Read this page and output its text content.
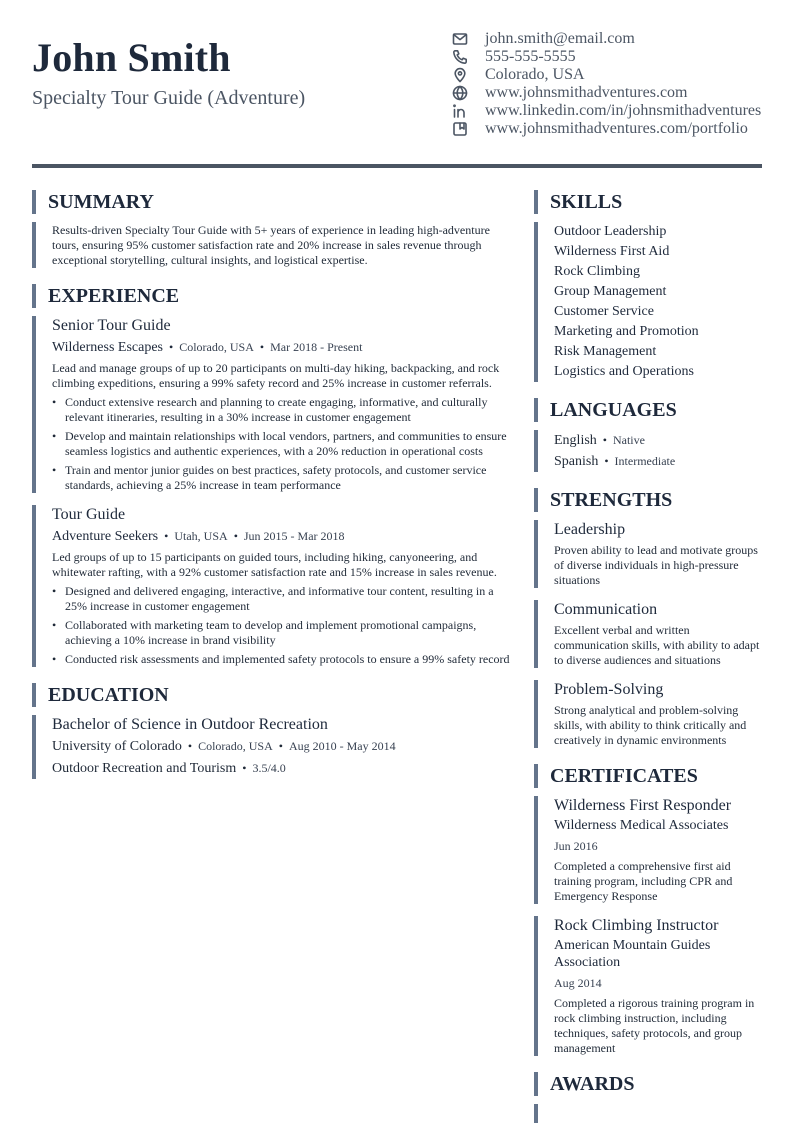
John Smith
Specialty Tour Guide (Adventure)
john.smith@email.com
555-555-5555
Colorado, USA
www.johnsmithadventures.com
www.linkedin.com/in/johnsmithadventures
www.johnsmithadventures.com/portfolio
SUMMARY
Results-driven Specialty Tour Guide with 5+ years of experience in leading high-adventure tours, ensuring 95% customer satisfaction rate and 20% increase in sales revenue through exceptional storytelling, cultural insights, and logistical expertise.
EXPERIENCE
Senior Tour Guide
Wilderness Escapes • Colorado, USA • Mar 2018 - Present
Lead and manage groups of up to 20 participants on multi-day hiking, backpacking, and rock climbing expeditions, ensuring a 99% safety record and 25% increase in customer referrals.
• Conduct extensive research and planning to create engaging, informative, and culturally relevant itineraries, resulting in a 30% increase in customer engagement
• Develop and maintain relationships with local vendors, partners, and communities to ensure seamless logistics and authentic experiences, with a 20% reduction in operational costs
• Train and mentor junior guides on best practices, safety protocols, and customer service standards, achieving a 25% increase in team performance
Tour Guide
Adventure Seekers • Utah, USA • Jun 2015 - Mar 2018
Led groups of up to 15 participants on guided tours, including hiking, canyoneering, and whitewater rafting, with a 92% customer satisfaction rate and 15% increase in sales revenue.
• Designed and delivered engaging, interactive, and informative tour content, resulting in a 25% increase in customer engagement
• Collaborated with marketing team to develop and implement promotional campaigns, achieving a 10% increase in brand visibility
• Conducted risk assessments and implemented safety protocols to ensure a 99% safety record
EDUCATION
Bachelor of Science in Outdoor Recreation
University of Colorado • Colorado, USA • Aug 2010 - May 2014
Outdoor Recreation and Tourism • 3.5/4.0
SKILLS
Outdoor Leadership
Wilderness First Aid
Rock Climbing
Group Management
Customer Service
Marketing and Promotion
Risk Management
Logistics and Operations
LANGUAGES
English • Native
Spanish • Intermediate
STRENGTHS
Leadership
Proven ability to lead and motivate groups of diverse individuals in high-pressure situations
Communication
Excellent verbal and written communication skills, with ability to adapt to diverse audiences and situations
Problem-Solving
Strong analytical and problem-solving skills, with ability to think critically and creatively in dynamic environments
CERTIFICATES
Wilderness First Responder
Wilderness Medical Associates
Jun 2016
Completed a comprehensive first aid training program, including CPR and Emergency Response
Rock Climbing Instructor
American Mountain Guides Association
Aug 2014
Completed a rigorous training program in rock climbing instruction, including techniques, safety protocols, and group management
AWARDS
